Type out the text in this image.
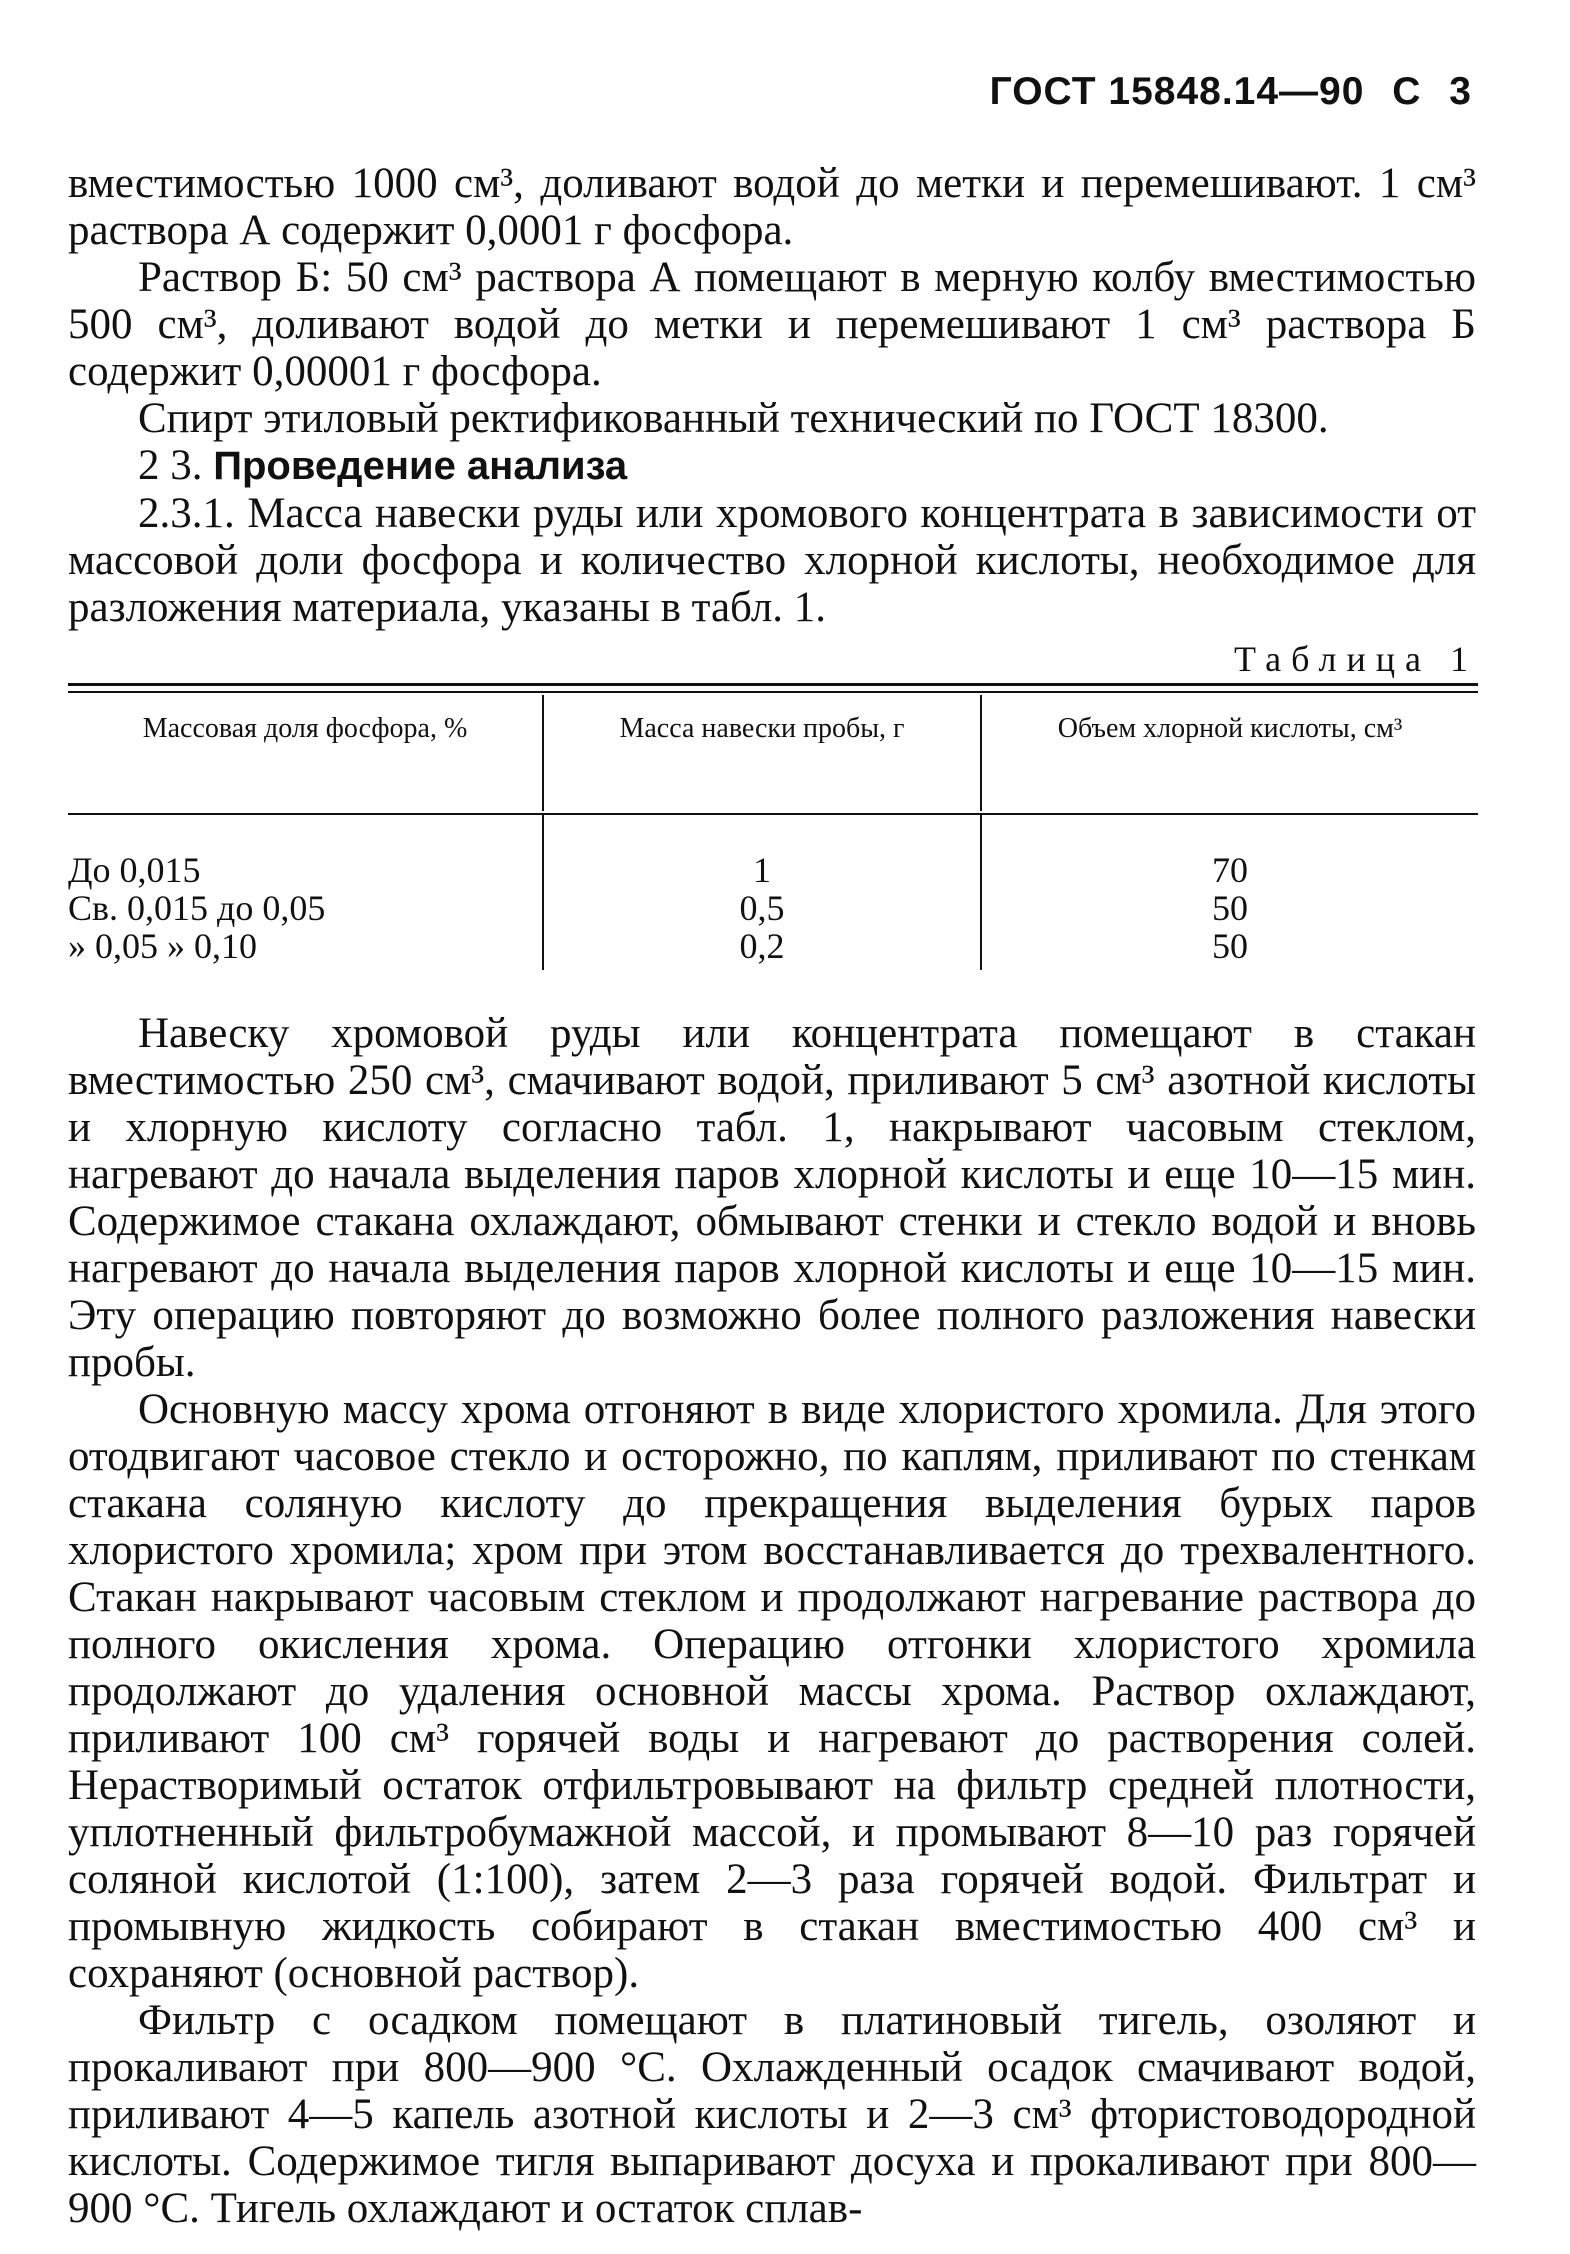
ГОСТ 15848.14—90 С 3

вместимостью 1000 см³, доливают водой до метки и перемешивают. 1 см³ раствора А содержит 0,0001 г фосфора.

Раствор Б: 50 см³ раствора А помещают в мерную колбу вместимостью 500 см³, доливают водой до метки и перемешивают 1 см³ раствора Б содержит 0,00001 г фосфора.

Спирт этиловый ректификованный технический по ГОСТ 18300.

2 3. Проведение анализа

2.3.1. Масса навески руды или хромового концентрата в зависимости от массовой доли фосфора и количество хлорной кислоты, необходимое для разложения материала, указаны в табл. 1.

Таблица 1
Массовая доля фосфора, %	Масса навески пробы, г	Объем хлорной кислоты, см³
До 0,015	1	70
Св. 0,015 до 0,05	0,5	50
» 0,05 » 0,10	0,2	50

Навеску хромовой руды или концентрата помещают в стакан вместимостью 250 см³, смачивают водой, приливают 5 см³ азотной кислоты и хлорную кислоту согласно табл. 1, накрывают часовым стеклом, нагревают до начала выделения паров хлорной кислоты и еще 10—15 мин. Содержимое стакана охлаждают, обмывают стенки и стекло водой и вновь нагревают до начала выделения паров хлорной кислоты и еще 10—15 мин. Эту операцию повторяют до возможно более полного разложения навески пробы.

Основную массу хрома отгоняют в виде хлористого хромила. Для этого отодвигают часовое стекло и осторожно, по каплям, приливают по стенкам стакана соляную кислоту до прекращения выделения бурых паров хлористого хромила; хром при этом восстанавливается до трехвалентного. Стакан накрывают часовым стеклом и продолжают нагревание раствора до полного окисления хрома. Операцию отгонки хлористого хромила продолжают до удаления основной массы хрома. Раствор охлаждают, приливают 100 см³ горячей воды и нагревают до растворения солей. Нерастворимый остаток отфильтровывают на фильтр средней плотности, уплотненный фильтробумажной массой, и промывают 8—10 раз горячей соляной кислотой (1:100), затем 2—3 раза горячей водой. Фильтрат и промывную жидкость собирают в стакан вместимостью 400 см³ и сохраняют (основной раствор).

Фильтр с осадком помещают в платиновый тигель, озоляют и прокаливают при 800—900 °С. Охлажденный осадок смачивают водой, приливают 4—5 капель азотной кислоты и 2—3 см³ фтористоводородной кислоты. Содержимое тигля выпаривают досуха и прокаливают при 800—900 °С. Тигель охлаждают и остаток сплав-
